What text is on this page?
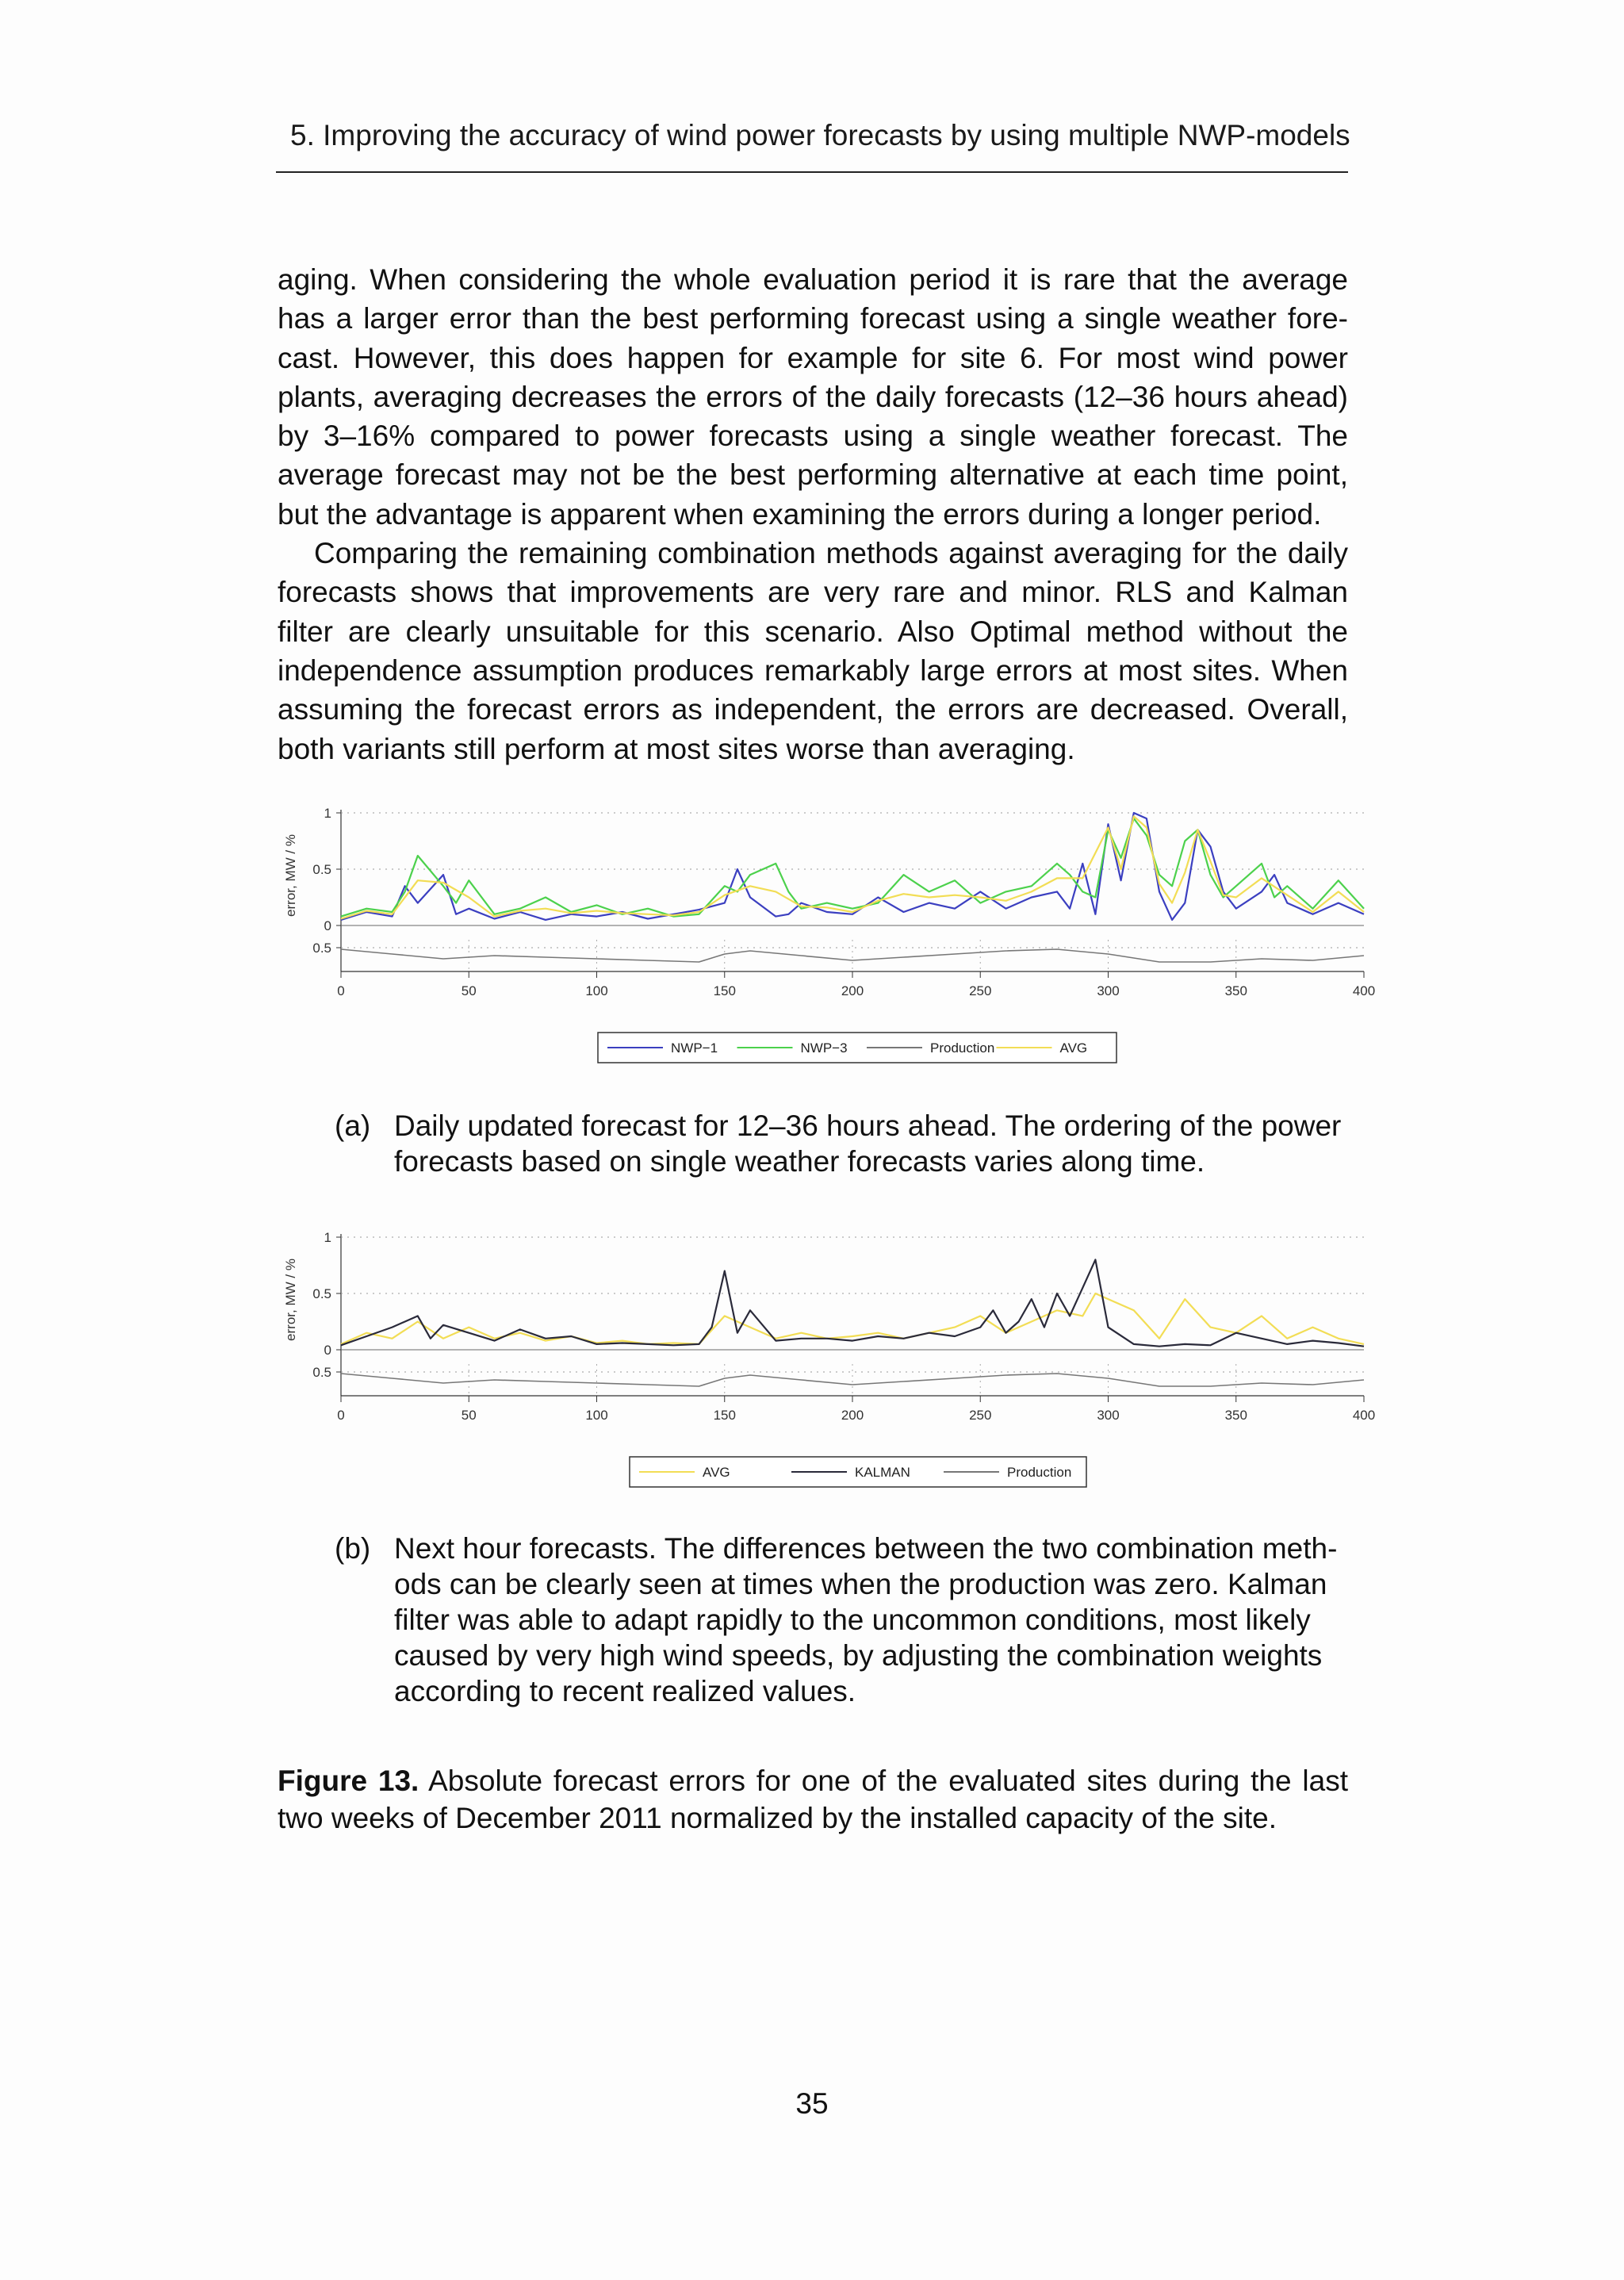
5. Improving the accuracy of wind power forecasts by using multiple NWP-models

aging. When considering the whole evaluation period it is rare that the average has a larger error than the best performing forecast using a single weather fore-cast. However, this does happen for example for site 6. For most wind power plants, averaging decreases the errors of the daily forecasts (12–36 hours ahead) by 3–16% compared to power forecasts using a single weather forecast. The average forecast may not be the best performing alternative at each time point, but the advantage is apparent when examining the errors during a longer period.

Comparing the remaining combination methods against averaging for the daily forecasts shows that improvements are very rare and minor. RLS and Kalman filter are clearly unsuitable for this scenario. Also Optimal method without the independence assumption produces remarkably large errors at most sites. When assuming the forecast errors as independent, the errors are decreased. Overall, both variants still perform at most sites worse than averaging.

0
0.5
1
0.5
error, MW / %
0	50	100	150	200	250	300	350	400
NWP−1	NWP−3	Production	AVG
(a) Daily updated forecast for 12–36 hours ahead. The ordering of the power forecasts based on single weather forecasts varies along time.
0
0.5
1
0.5
error, MW / %
0	50	100	150	200	250	300	350	400
AVG	KALMAN	Production
(b) Next hour forecasts. The differences between the two combination meth-ods can be clearly seen at times when the production was zero. Kalman filter was able to adapt rapidly to the uncommon conditions, most likely caused by very high wind speeds, by adjusting the combination weights according to recent realized values.
Figure 13. Absolute forecast errors for one of the evaluated sites during the last two weeks of December 2011 normalized by the installed capacity of the site.
35
